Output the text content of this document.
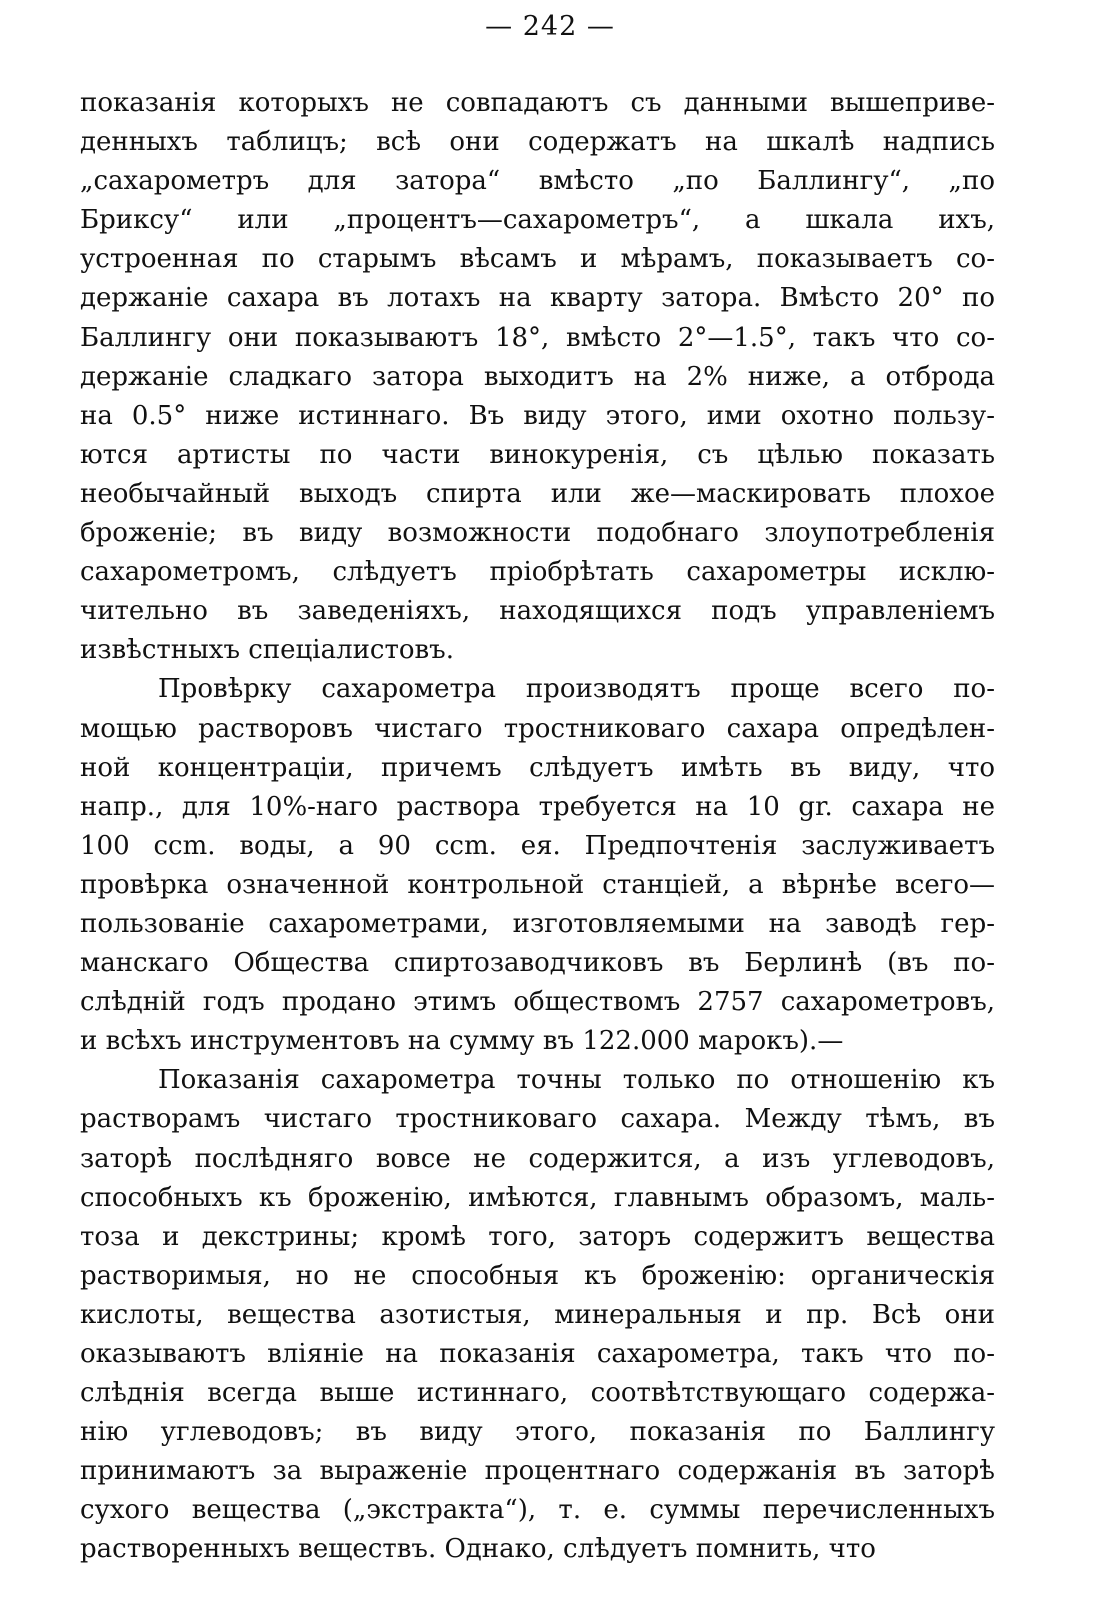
— 242 —
показанія которыхъ не совпадаютъ съ данными вышеприве-
денныхъ таблицъ; всѣ они содержатъ на шкалѣ надпись
„сахарометръ для затора“ вмѣсто „по Баллингу“, „по
Бриксу“ или „процентъ—сахарометръ“, а шкала ихъ,
устроенная по старымъ вѣсамъ и мѣрамъ, показываетъ со-
держаніе сахара въ лотахъ на кварту затора. Вмѣсто 20° по
Баллингу они показываютъ 18°, вмѣсто 2°—1.5°, такъ что со-
держаніе сладкаго затора выходитъ на 2% ниже, а отброда
на 0.5° ниже истиннаго. Въ виду этого, ими охотно пользу-
ются артисты по части винокуренія, съ цѣлью показать
необычайный выходъ спирта или же—маскировать плохое
броженіе; въ виду возможности подобнаго злоупотребленія
сахарометромъ, слѣдуетъ пріобрѣтать сахарометры исклю-
чительно въ заведеніяхъ, находящихся подъ управленіемъ
извѣстныхъ спеціалистовъ.
Провѣрку сахарометра производятъ проще всего по-
мощью растворовъ чистаго тростниковаго сахара опредѣлен-
ной концентраціи, причемъ слѣдуетъ имѣть въ виду, что
напр., для 10%-наго раствора требуется на 10 gr. сахара не
100 ccm. воды, а 90 ccm. ея. Предпочтенія заслуживаетъ
провѣрка означенной контрольной станціей, а вѣрнѣе всего—
пользованіе сахарометрами, изготовляемыми на заводѣ гер-
манскаго Общества спиртозаводчиковъ въ Берлинѣ (въ по-
слѣдній годъ продано этимъ обществомъ 2757 сахарометровъ,
и всѣхъ инструментовъ на сумму въ 122.000 марокъ).—
Показанія сахарометра точны только по отношенію къ
растворамъ чистаго тростниковаго сахара. Между тѣмъ, въ
заторѣ послѣдняго вовсе не содержится, а изъ углеводовъ,
способныхъ къ броженію, имѣются, главнымъ образомъ, маль-
тоза и декстрины; кромѣ того, заторъ содержитъ вещества
растворимыя, но не способныя къ броженію: органическія
кислоты, вещества азотистыя, минеральныя и пр. Всѣ они
оказываютъ вліяніе на показанія сахарометра, такъ что по-
слѣднія всегда выше истиннаго, соотвѣтствующаго содержа-
нію углеводовъ; въ виду этого, показанія по Баллингу
принимаютъ за выраженіе процентнаго содержанія въ заторѣ
сухого вещества („экстракта“), т. е. суммы перечисленныхъ
растворенныхъ веществъ. Однако, слѣдуетъ помнить, что
